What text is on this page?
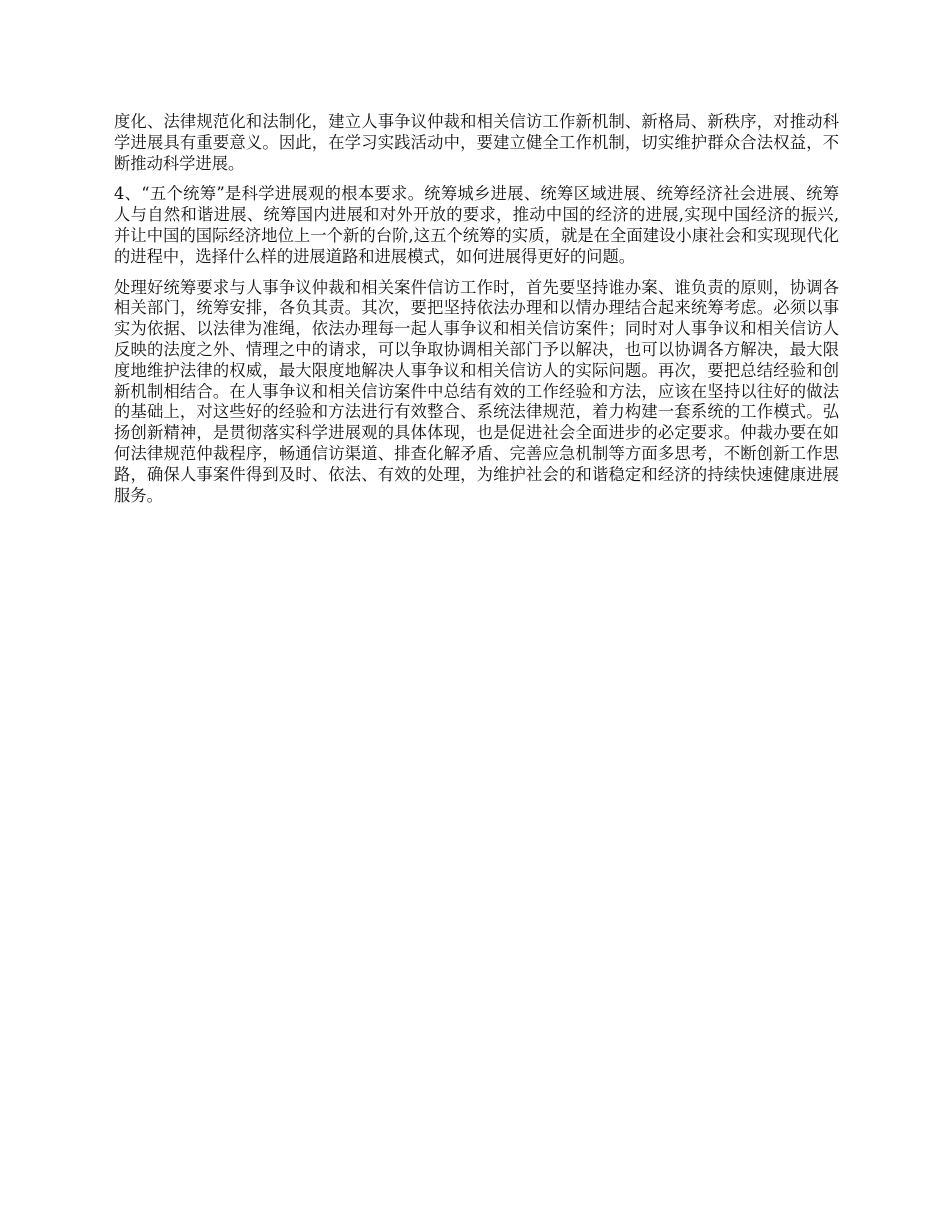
度化、法律规范化和法制化，建立人事争议仲裁和相关信访工作新机制、新格局、新秩序，对推动科学进展具有重要意义。因此，在学习实践活动中，要建立健全工作机制，切实维护群众合法权益，不断推动科学进展。

4、“五个统筹”是科学进展观的根本要求。统筹城乡进展、统筹区域进展、统筹经济社会进展、统筹人与自然和谐进展、统筹国内进展和对外开放的要求，推动中国的经济的进展,实现中国经济的振兴,并让中国的国际经济地位上一个新的台阶,这五个统筹的实质，就是在全面建设小康社会和实现现代化的进程中，选择什么样的进展道路和进展模式，如何进展得更好的问题。

处理好统筹要求与人事争议仲裁和相关案件信访工作时，首先要坚持谁办案、谁负责的原则，协调各相关部门，统筹安排，各负其责。其次，要把坚持依法办理和以情办理结合起来统筹考虑。必须以事实为依据、以法律为准绳，依法办理每一起人事争议和相关信访案件；同时对人事争议和相关信访人反映的法度之外、情理之中的请求，可以争取协调相关部门予以解决，也可以协调各方解决，最大限度地维护法律的权威，最大限度地解决人事争议和相关信访人的实际问题。再次，要把总结经验和创新机制相结合。在人事争议和相关信访案件中总结有效的工作经验和方法，应该在坚持以往好的做法的基础上，对这些好的经验和方法进行有效整合、系统法律规范，着力构建一套系统的工作模式。弘扬创新精神，是贯彻落实科学进展观的具体体现，也是促进社会全面进步的必定要求。仲裁办要在如何法律规范仲裁程序，畅通信访渠道、排查化解矛盾、完善应急机制等方面多思考，不断创新工作思路，确保人事案件得到及时、依法、有效的处理，为维护社会的和谐稳定和经济的持续快速健康进展服务。
